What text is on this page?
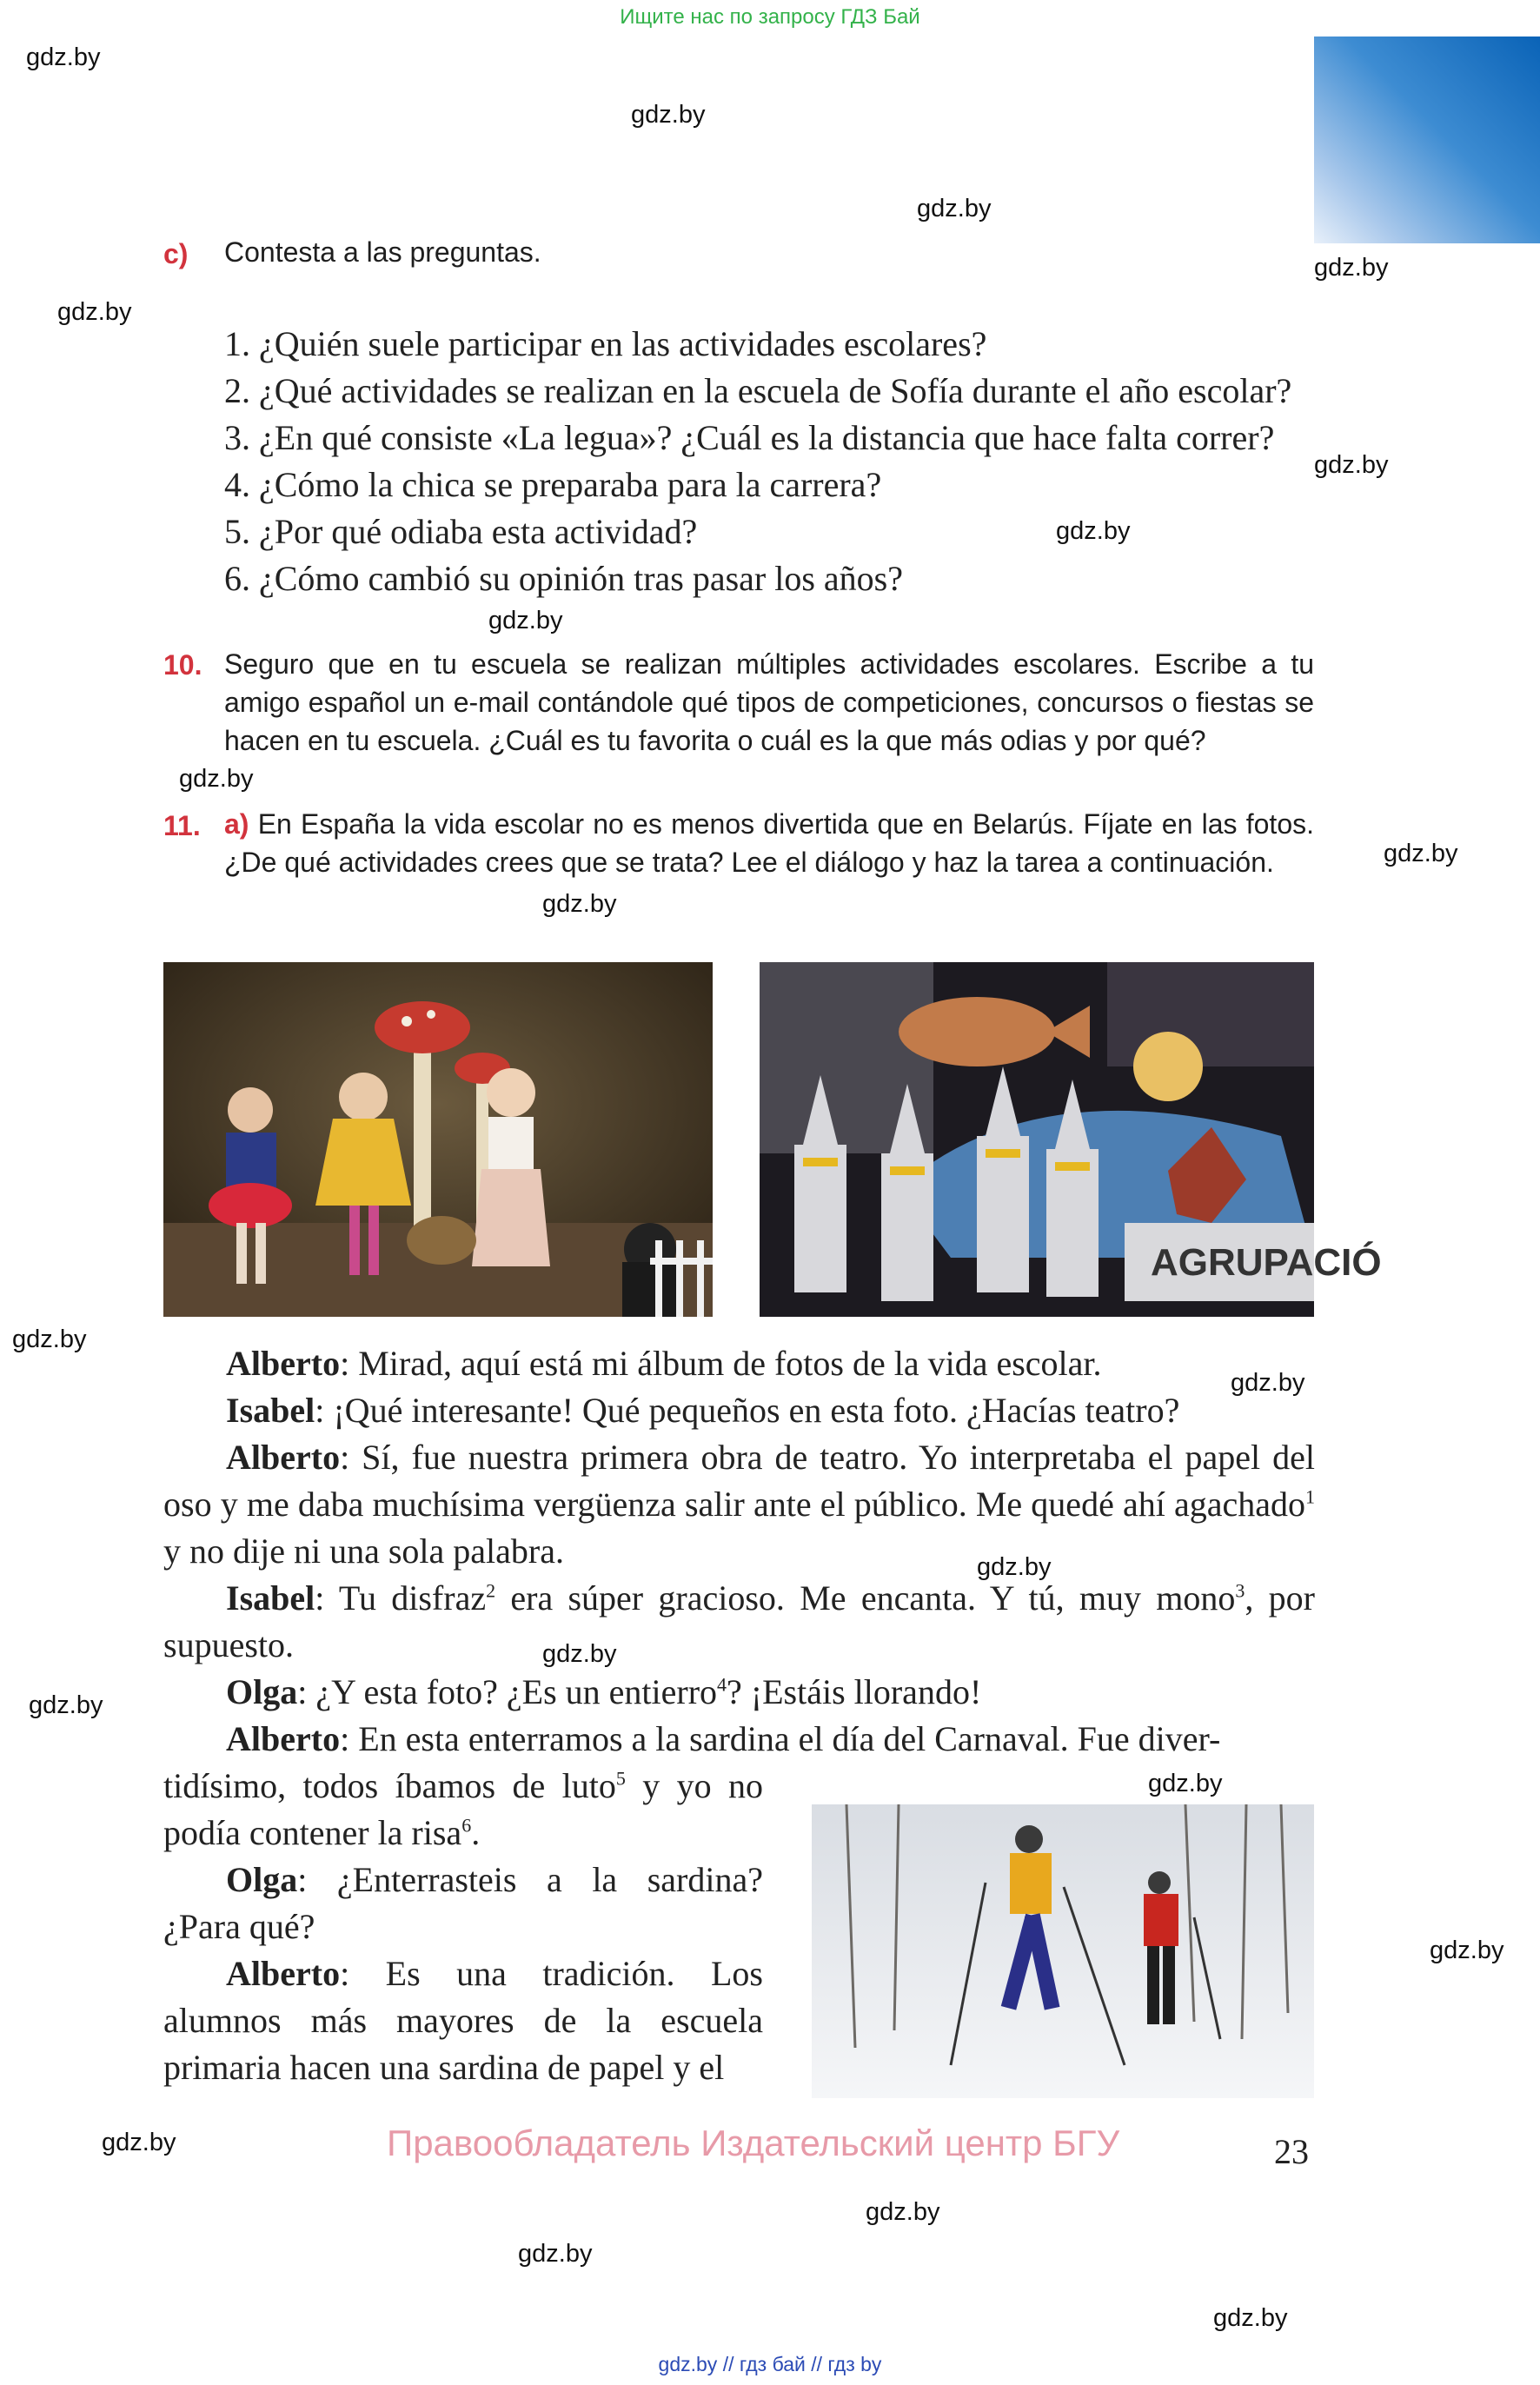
Ищите нас по запросу ГДЗ Бай
gdz.by
gdz.by
gdz.by
gdz.by
gdz.by
gdz.by
gdz.by
gdz.by
gdz.by
gdz.by
gdz.by
gdz.by
gdz.by
gdz.by
gdz.by
gdz.by
gdz.by
gdz.by
gdz.by
gdz.by
gdz.by
gdz.by
c) Contesta a las preguntas.
1. ¿Quién suele participar en las actividades escolares?
2. ¿Qué actividades se realizan en la escuela de Sofía durante el año escolar?
3. ¿En qué consiste «La legua»? ¿Cuál es la distancia que hace falta correr?
4. ¿Cómo la chica se preparaba para la carrera?
5. ¿Por qué odiaba esta actividad?
6. ¿Cómo cambió su opinión tras pasar los años?
10. Seguro que en tu escuela se realizan múltiples actividades escolares. Escribe a tu amigo español un e-mail contándole qué tipos de competiciones, concursos o fiestas se hacen en tu escuela. ¿Cuál es tu favorita o cuál es la que más odias y por qué?
11. a) En España la vida escolar no es menos divertida que en Belarús. Fíjate en las fotos. ¿De qué actividades crees que se trata? Lee el diálogo y haz la tarea a continuación.
AGRUPACIÓ
Alberto: Mirad, aquí está mi álbum de fotos de la vida escolar.
Isabel: ¡Qué interesante! Qué pequeños en esta foto. ¿Hacías teatro?
Alberto: Sí, fue nuestra primera obra de teatro. Yo interpretaba el papel del oso y me daba muchísima vergüenza salir ante el público. Me quedé ahí agachado$^1$ y no dije ni una sola palabra.
Isabel: Tu disfraz$^2$ era súper gracioso. Me encanta. Y tú, muy mono$^3$, por supuesto.
Olga: ¿Y esta foto? ¿Es un entierro$^4$? ¡Estáis llorando!
Alberto: En esta enterramos a la sardina el día del Carnaval. Fue diver-
tidísimo, todos íbamos de luto$^5$ y yo no podía contener la risa$^6$.
Olga: ¿Enterrasteis a la sardina? ¿Para qué?
Alberto: Es una tradición. Los alumnos más mayores de la escuela primaria hacen una sardina de papel y el
Правообладатель Издательский центр БГУ	23
gdz.by // гдз бай // гдз by
